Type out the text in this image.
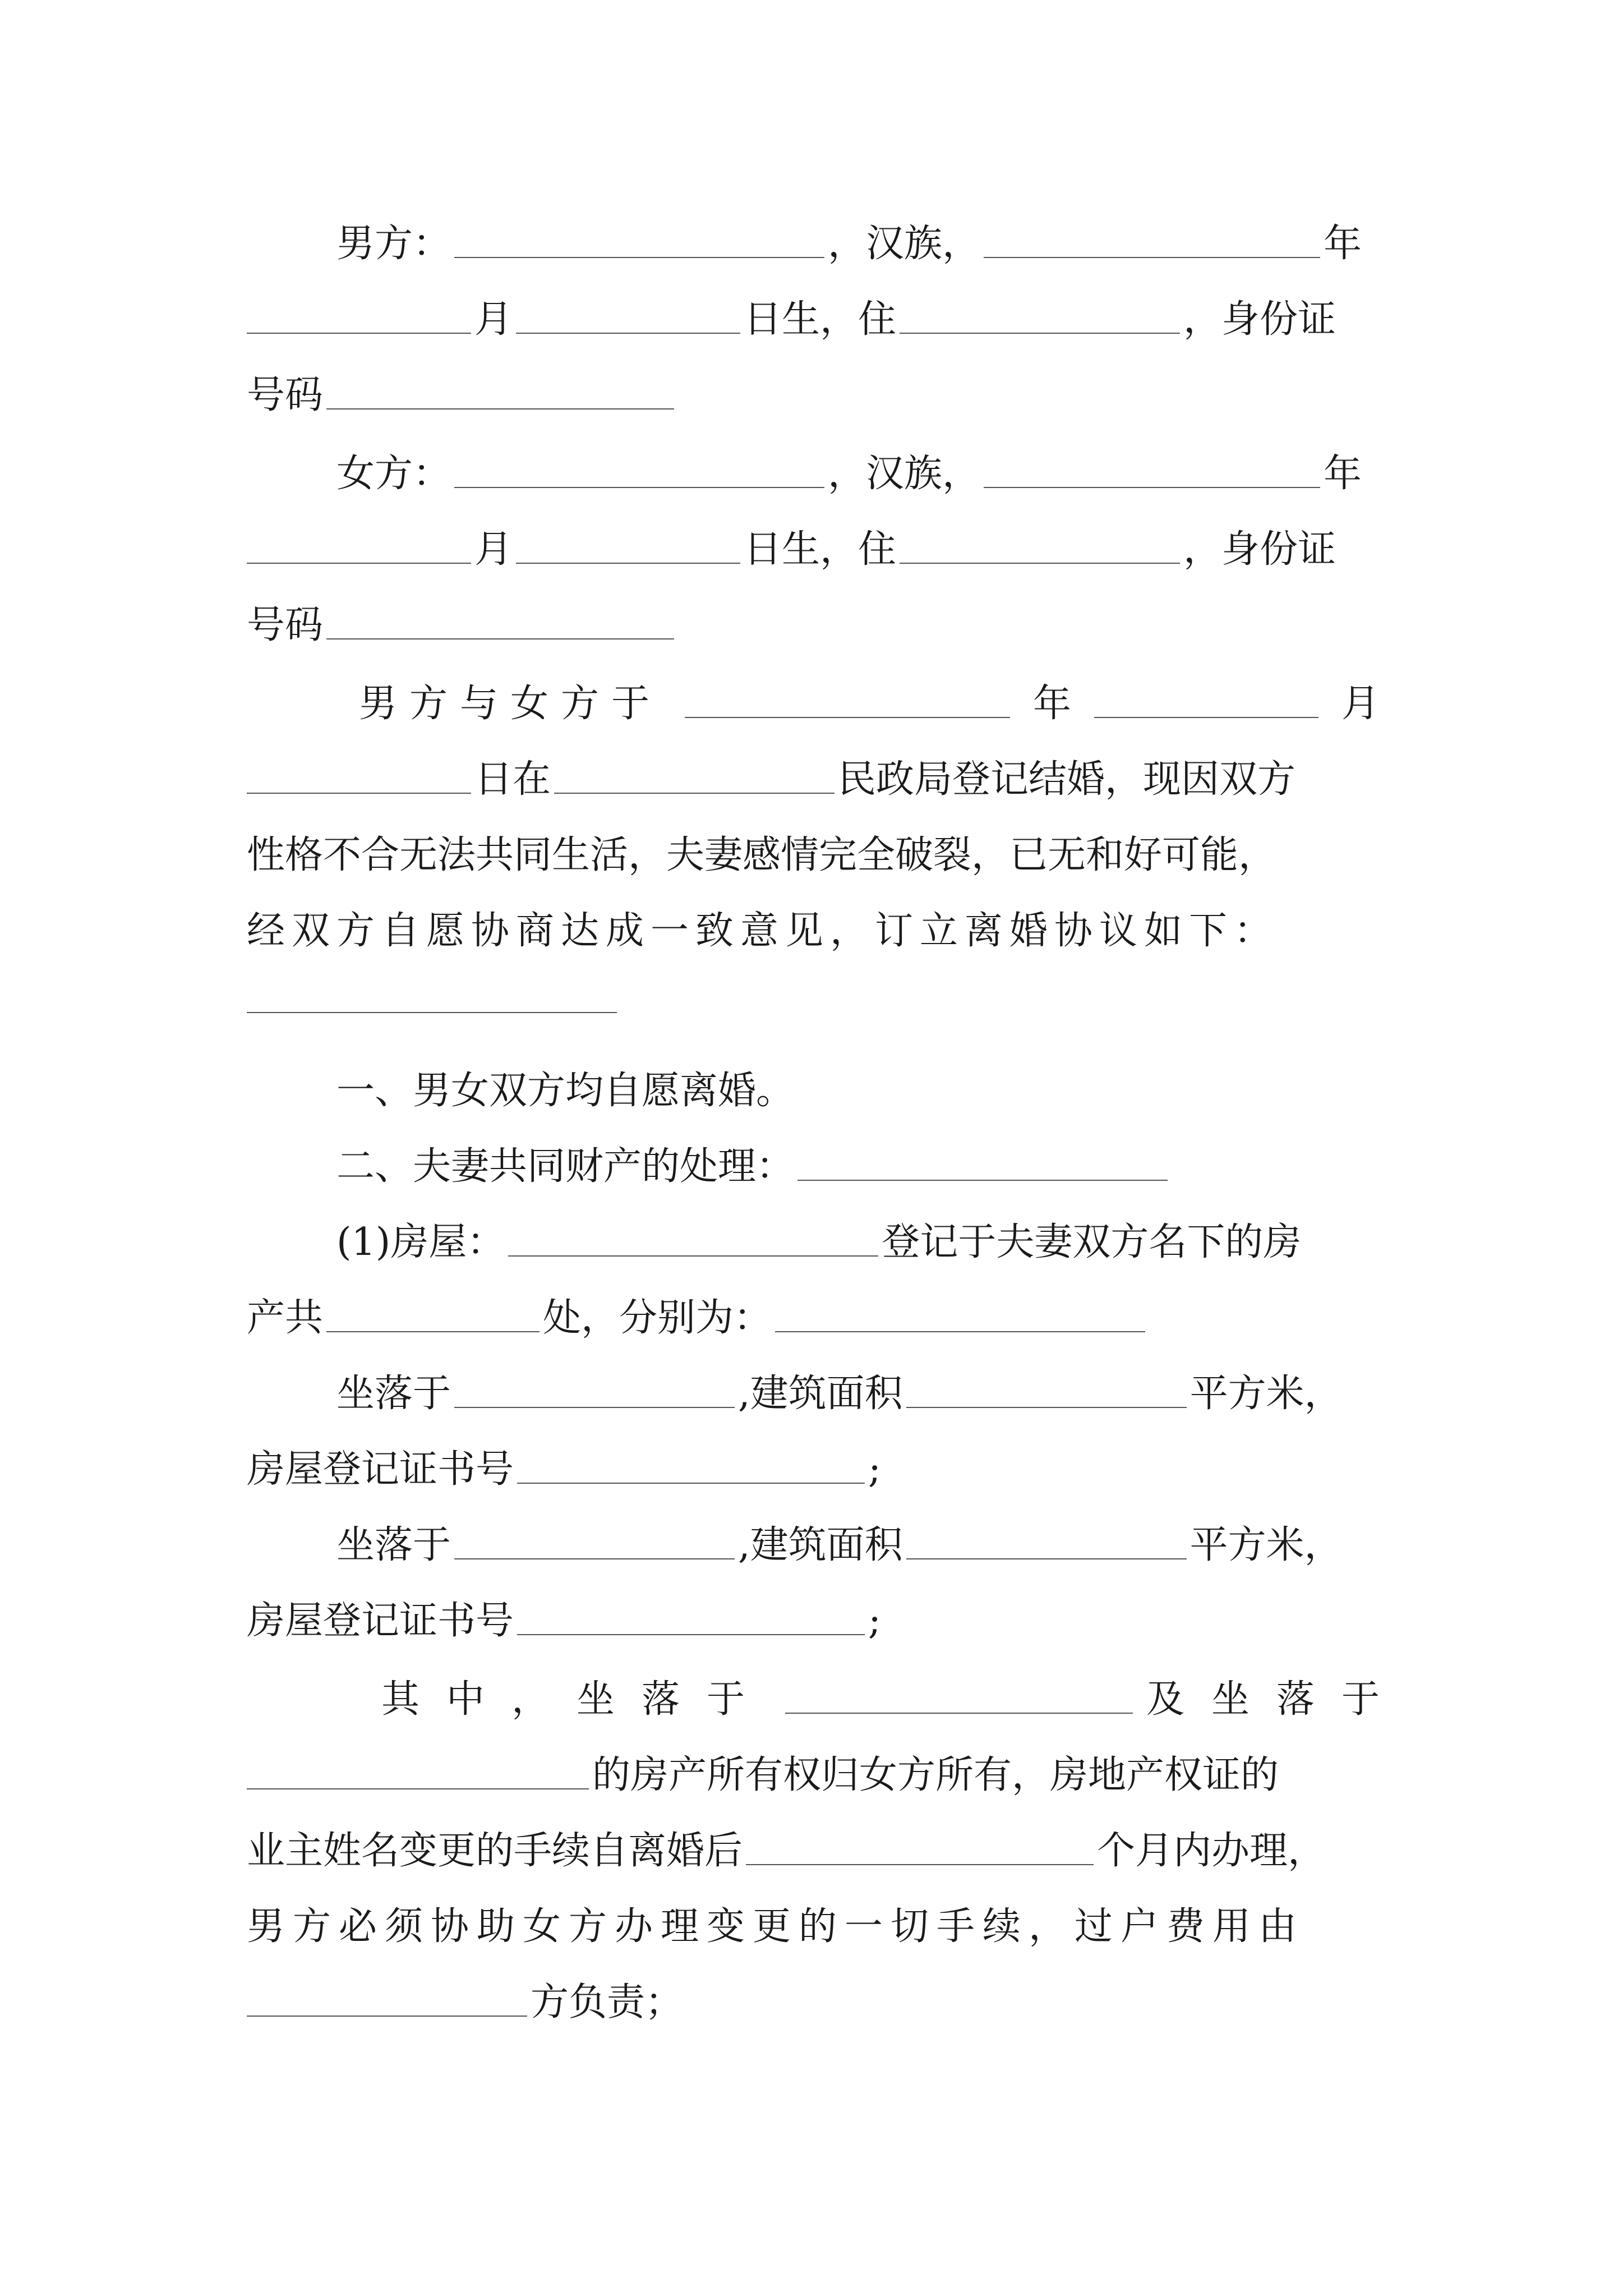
男方：	，汉族，	年
月	日生，住	，身份证
号码
女方：	，汉族，	年
月	日生，住	，身份证
号码
男方与女方于	年	月
日在	民政局登记结婚，现因双方
性格不合无法共同生活，夫妻感情完全破裂，已无和好可能，
经双方自愿协商达成一致意见，订立离婚协议如下：
一、男女双方均自愿离婚。
二、夫妻共同财产的处理：
(1)房屋：	登记于夫妻双方名下的房
产共	处，分别为：
坐落于	,建筑面积	平方米，
房屋登记证书号	;
坐落于	,建筑面积	平方米，
房屋登记证书号	;
其中，坐落于	及坐落于
的房产所有权归女方所有，房地产权证的
业主姓名变更的手续自离婚后	个月内办理，
男方必须协助女方办理变更的一切手续，过户费用由
方负责；
